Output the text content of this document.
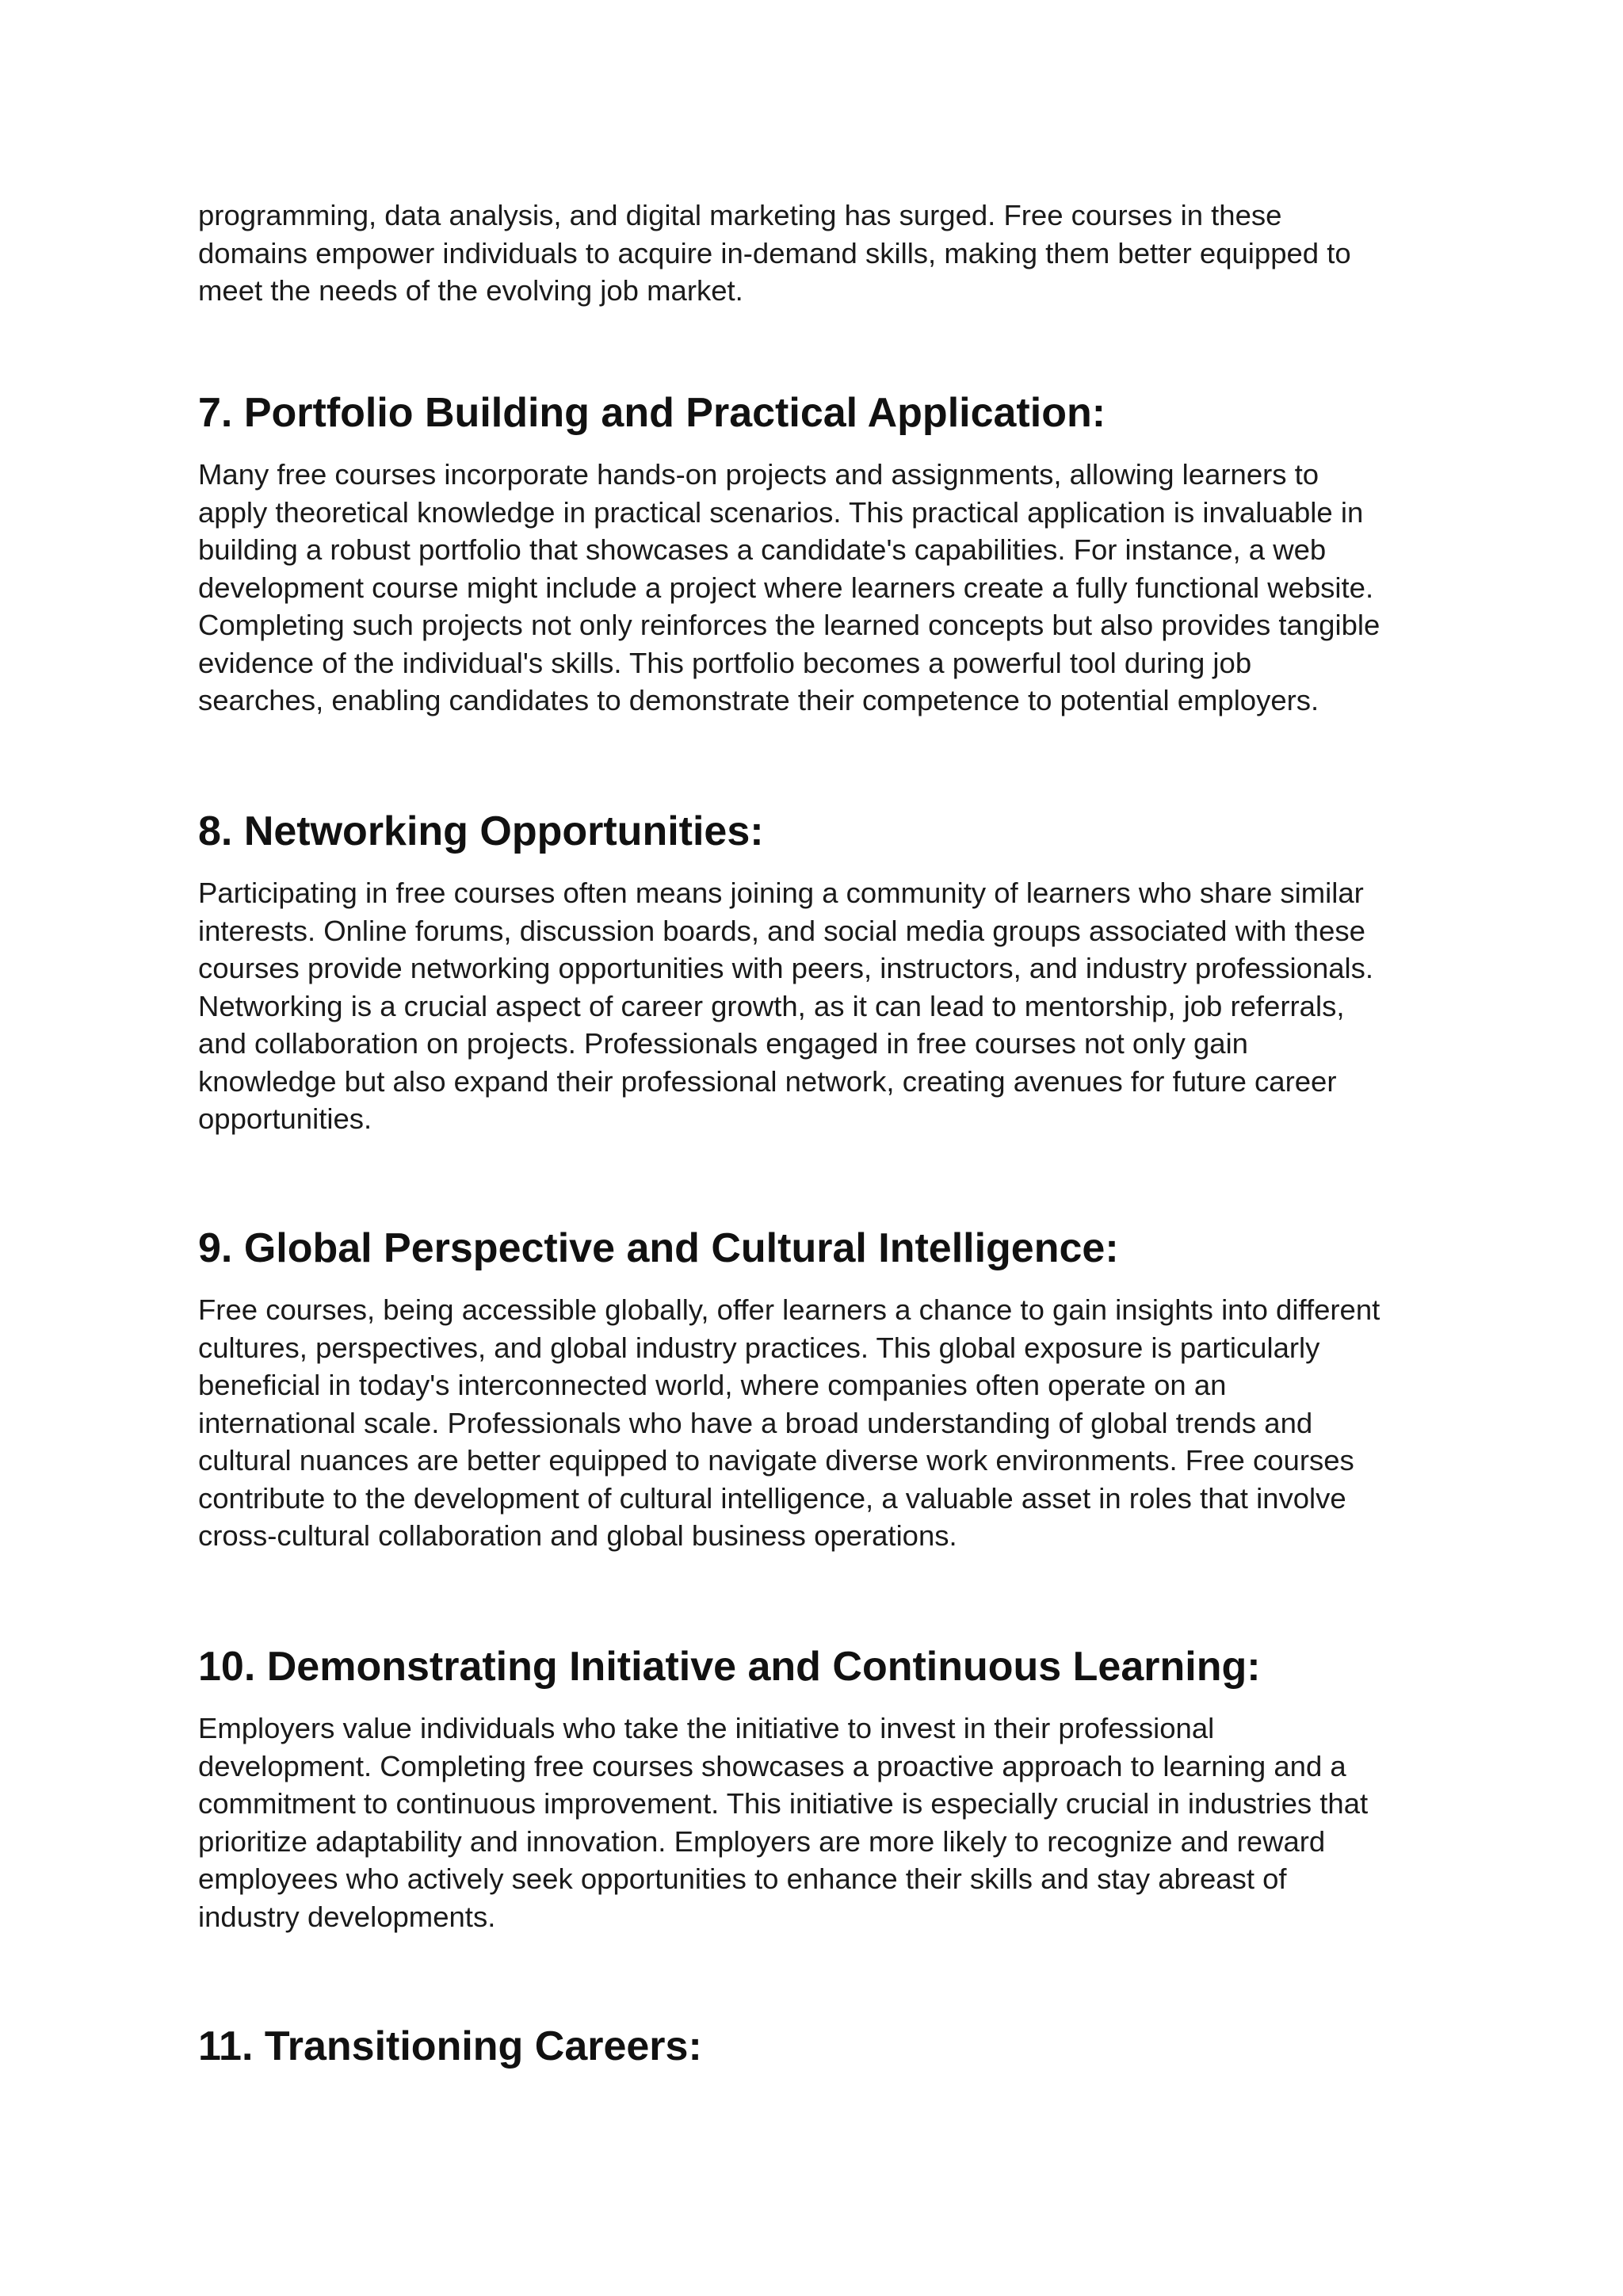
programming, data analysis, and digital marketing has surged. Free courses in these
domains empower individuals to acquire in-demand skills, making them better equipped to
meet the needs of the evolving job market.

7. Portfolio Building and Practical Application:

Many free courses incorporate hands-on projects and assignments, allowing learners to
apply theoretical knowledge in practical scenarios. This practical application is invaluable in
building a robust portfolio that showcases a candidate's capabilities. For instance, a web
development course might include a project where learners create a fully functional website.
Completing such projects not only reinforces the learned concepts but also provides tangible
evidence of the individual's skills. This portfolio becomes a powerful tool during job
searches, enabling candidates to demonstrate their competence to potential employers.

8. Networking Opportunities:

Participating in free courses often means joining a community of learners who share similar
interests. Online forums, discussion boards, and social media groups associated with these
courses provide networking opportunities with peers, instructors, and industry professionals.
Networking is a crucial aspect of career growth, as it can lead to mentorship, job referrals,
and collaboration on projects. Professionals engaged in free courses not only gain
knowledge but also expand their professional network, creating avenues for future career
opportunities.

9. Global Perspective and Cultural Intelligence:

Free courses, being accessible globally, offer learners a chance to gain insights into different
cultures, perspectives, and global industry practices. This global exposure is particularly
beneficial in today's interconnected world, where companies often operate on an
international scale. Professionals who have a broad understanding of global trends and
cultural nuances are better equipped to navigate diverse work environments. Free courses
contribute to the development of cultural intelligence, a valuable asset in roles that involve
cross-cultural collaboration and global business operations.

10. Demonstrating Initiative and Continuous Learning:

Employers value individuals who take the initiative to invest in their professional
development. Completing free courses showcases a proactive approach to learning and a
commitment to continuous improvement. This initiative is especially crucial in industries that
prioritize adaptability and innovation. Employers are more likely to recognize and reward
employees who actively seek opportunities to enhance their skills and stay abreast of
industry developments.

11. Transitioning Careers:
